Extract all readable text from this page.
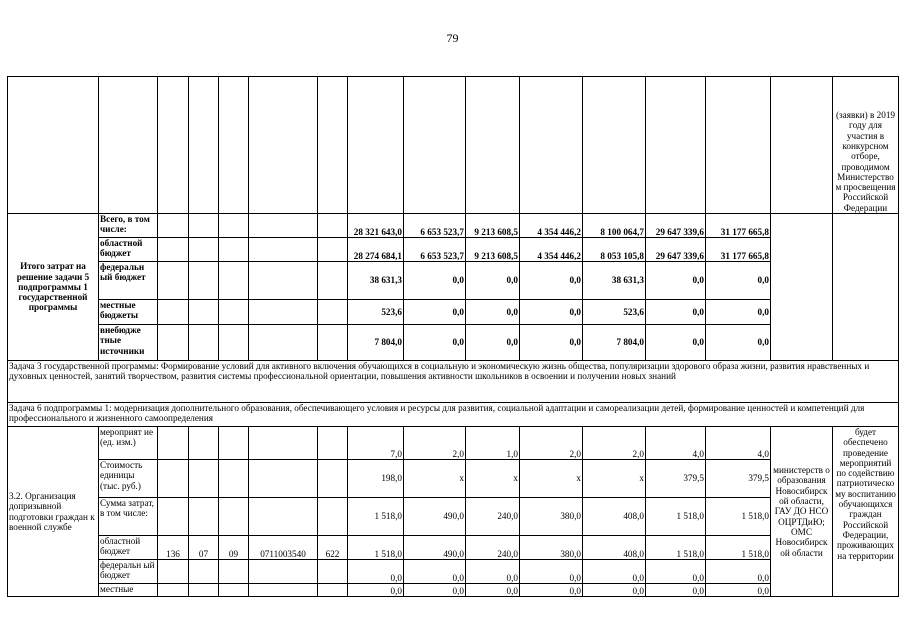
79
															(заявки) в 2019 году для участия в конкурсном отборе, проводимом Министерство м просвещения Российской Федерации
Итого затрат на решение задачи 5 подпрограммы 1 государственной программы	Всего, в том числе:						28 321 643,0	6 653 523,7	9 213 608,5	4 354 446,2	8 100 064,7	29 647 339,6	31 177 665,8		
	областной бюджет						28 274 684,1	6 653 523,7	9 213 608,5	4 354 446,2	8 053 105,8	29 647 339,6	31 177 665,8		
	федеральн ый бюджет						38 631,3	0,0	0,0	0,0	38 631,3	0,0	0,0		
	местные бюджеты						523,6	0,0	0,0	0,0	523,6	0,0	0,0		
	внебюдже тные источники						7 804,0	0,0	0,0	0,0	7 804,0	0,0	0,0		
Задача 3 государственной программы: Формирование условий для активного включения обучающихся в социальную и экономическую жизнь общества, популяризации здорового образа жизни, развития нравственных и духовных ценностей, занятий творчеством, развития системы профессиональной ориентации, повышения активности школьников в освоении и получении новых знаний															
Задача 6 подпрограммы 1: модернизация дополнительного образования, обеспечивающего условия и ресурсы для развития, социальной адаптации и самореализации детей, формирование ценностей и компетенций для профессионального и жизненного самоопределения															
3.2. Организация допризывной подготовки граждан к военной службе	мероприят ие (ед. изм.)						7,0	2,0	1,0	2,0	2,0	4,0	4,0	министерств о образования Новосибирск ой области, ГАУ ДО НСО ОЦРТДиЮ; ОМС Новосибирск ой области	будет обеспечено проведение мероприятий по содействию патриотическо му воспитанию обучающихся граждан Российской Федерации, проживающих на территории
	Стоимость единицы (тыс. руб.)						198,0	x	x	x	x	379,5	379,5		
	Сумма затрат, в том числе:						1 518,0	490,0	240,0	380,0	408,0	1 518,0	1 518,0		
	областной бюджет	136	07	09	0711003540	622	1 518,0	490,0	240,0	380,0	408,0	1 518,0	1 518,0		
	федеральн ый бюджет						0,0	0,0	0,0	0,0	0,0	0,0	0,0		
	местные						0,0	0,0	0,0	0,0	0,0	0,0	0,0		
